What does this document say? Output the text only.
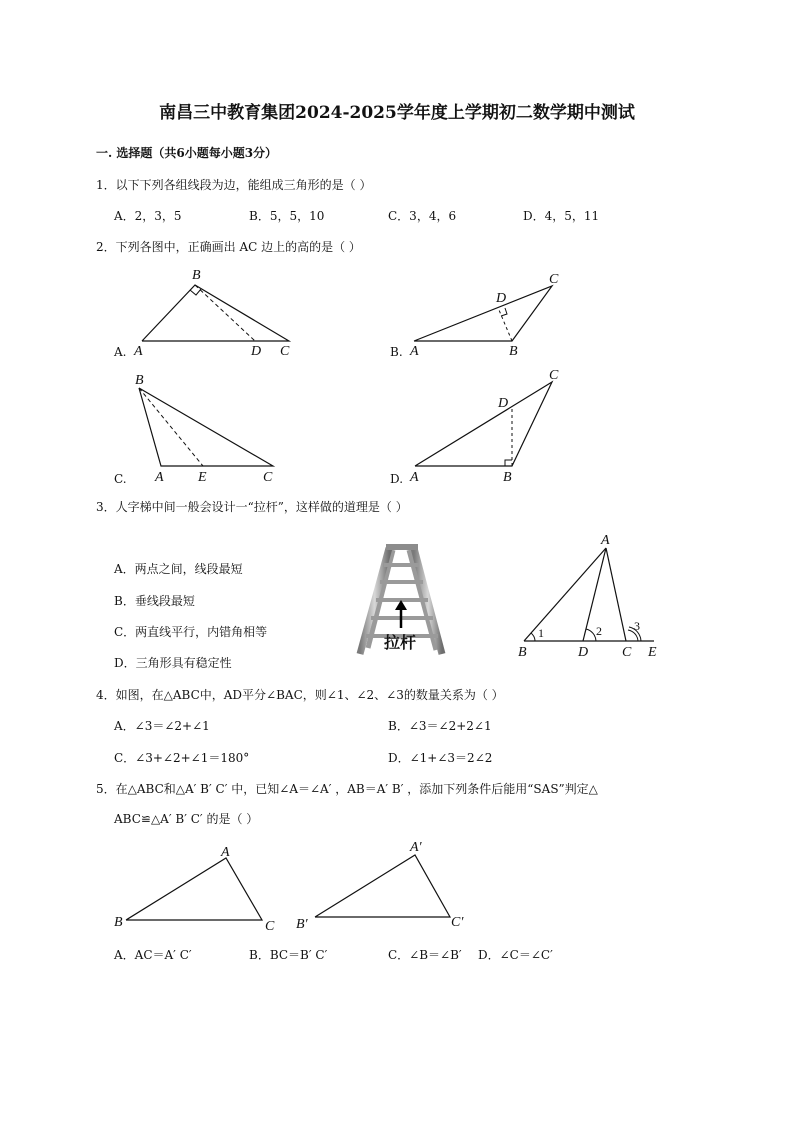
南昌三中教育集团2024-2025学年度上学期初二数学期中测试
一. 选择题（共6小题每小题3分）
1．以下下列各组线段为边，能组成三角形的是（ ）
A．2，3，5	B．5，5，10	C．3，4，6	D．4，5，11
2．下列各图中，正确画出 AC 边上的高的是（ ）
A.
B
A	D C	B.
C
D
A	B
C.
B
A E	C	D.
C
D
A	B
3．人字梯中间一般会设计一“拉杆”，这样做的道理是（ ）
A．两点之间，线段最短
B．垂线段最短
C．两直线平行，内错角相等
D．三角形具有稳定性
拉杆
A
B	D C E
1	2	3
4．如图，在△ABC中，AD平分∠BAC，则∠1、∠2、∠3的数量关系为（ ）
A．∠3＝∠2+∠1	B．∠3＝∠2+2∠1
C．∠3+∠2+∠1＝180°	D．∠1+∠3＝2∠2
5．在△ABC和△A′ B′ C′ 中，已知∠A＝∠A′ ，AB＝A′ B′ ，添加下列条件后能用“SAS”判定△
ABC≌△A′ B′ C′ 的是（ ）
A
B	C
A′
B′	C′
A．AC＝A′ C′	B．BC＝B′ C′	C．∠B＝∠B′ D．∠C＝∠C′
